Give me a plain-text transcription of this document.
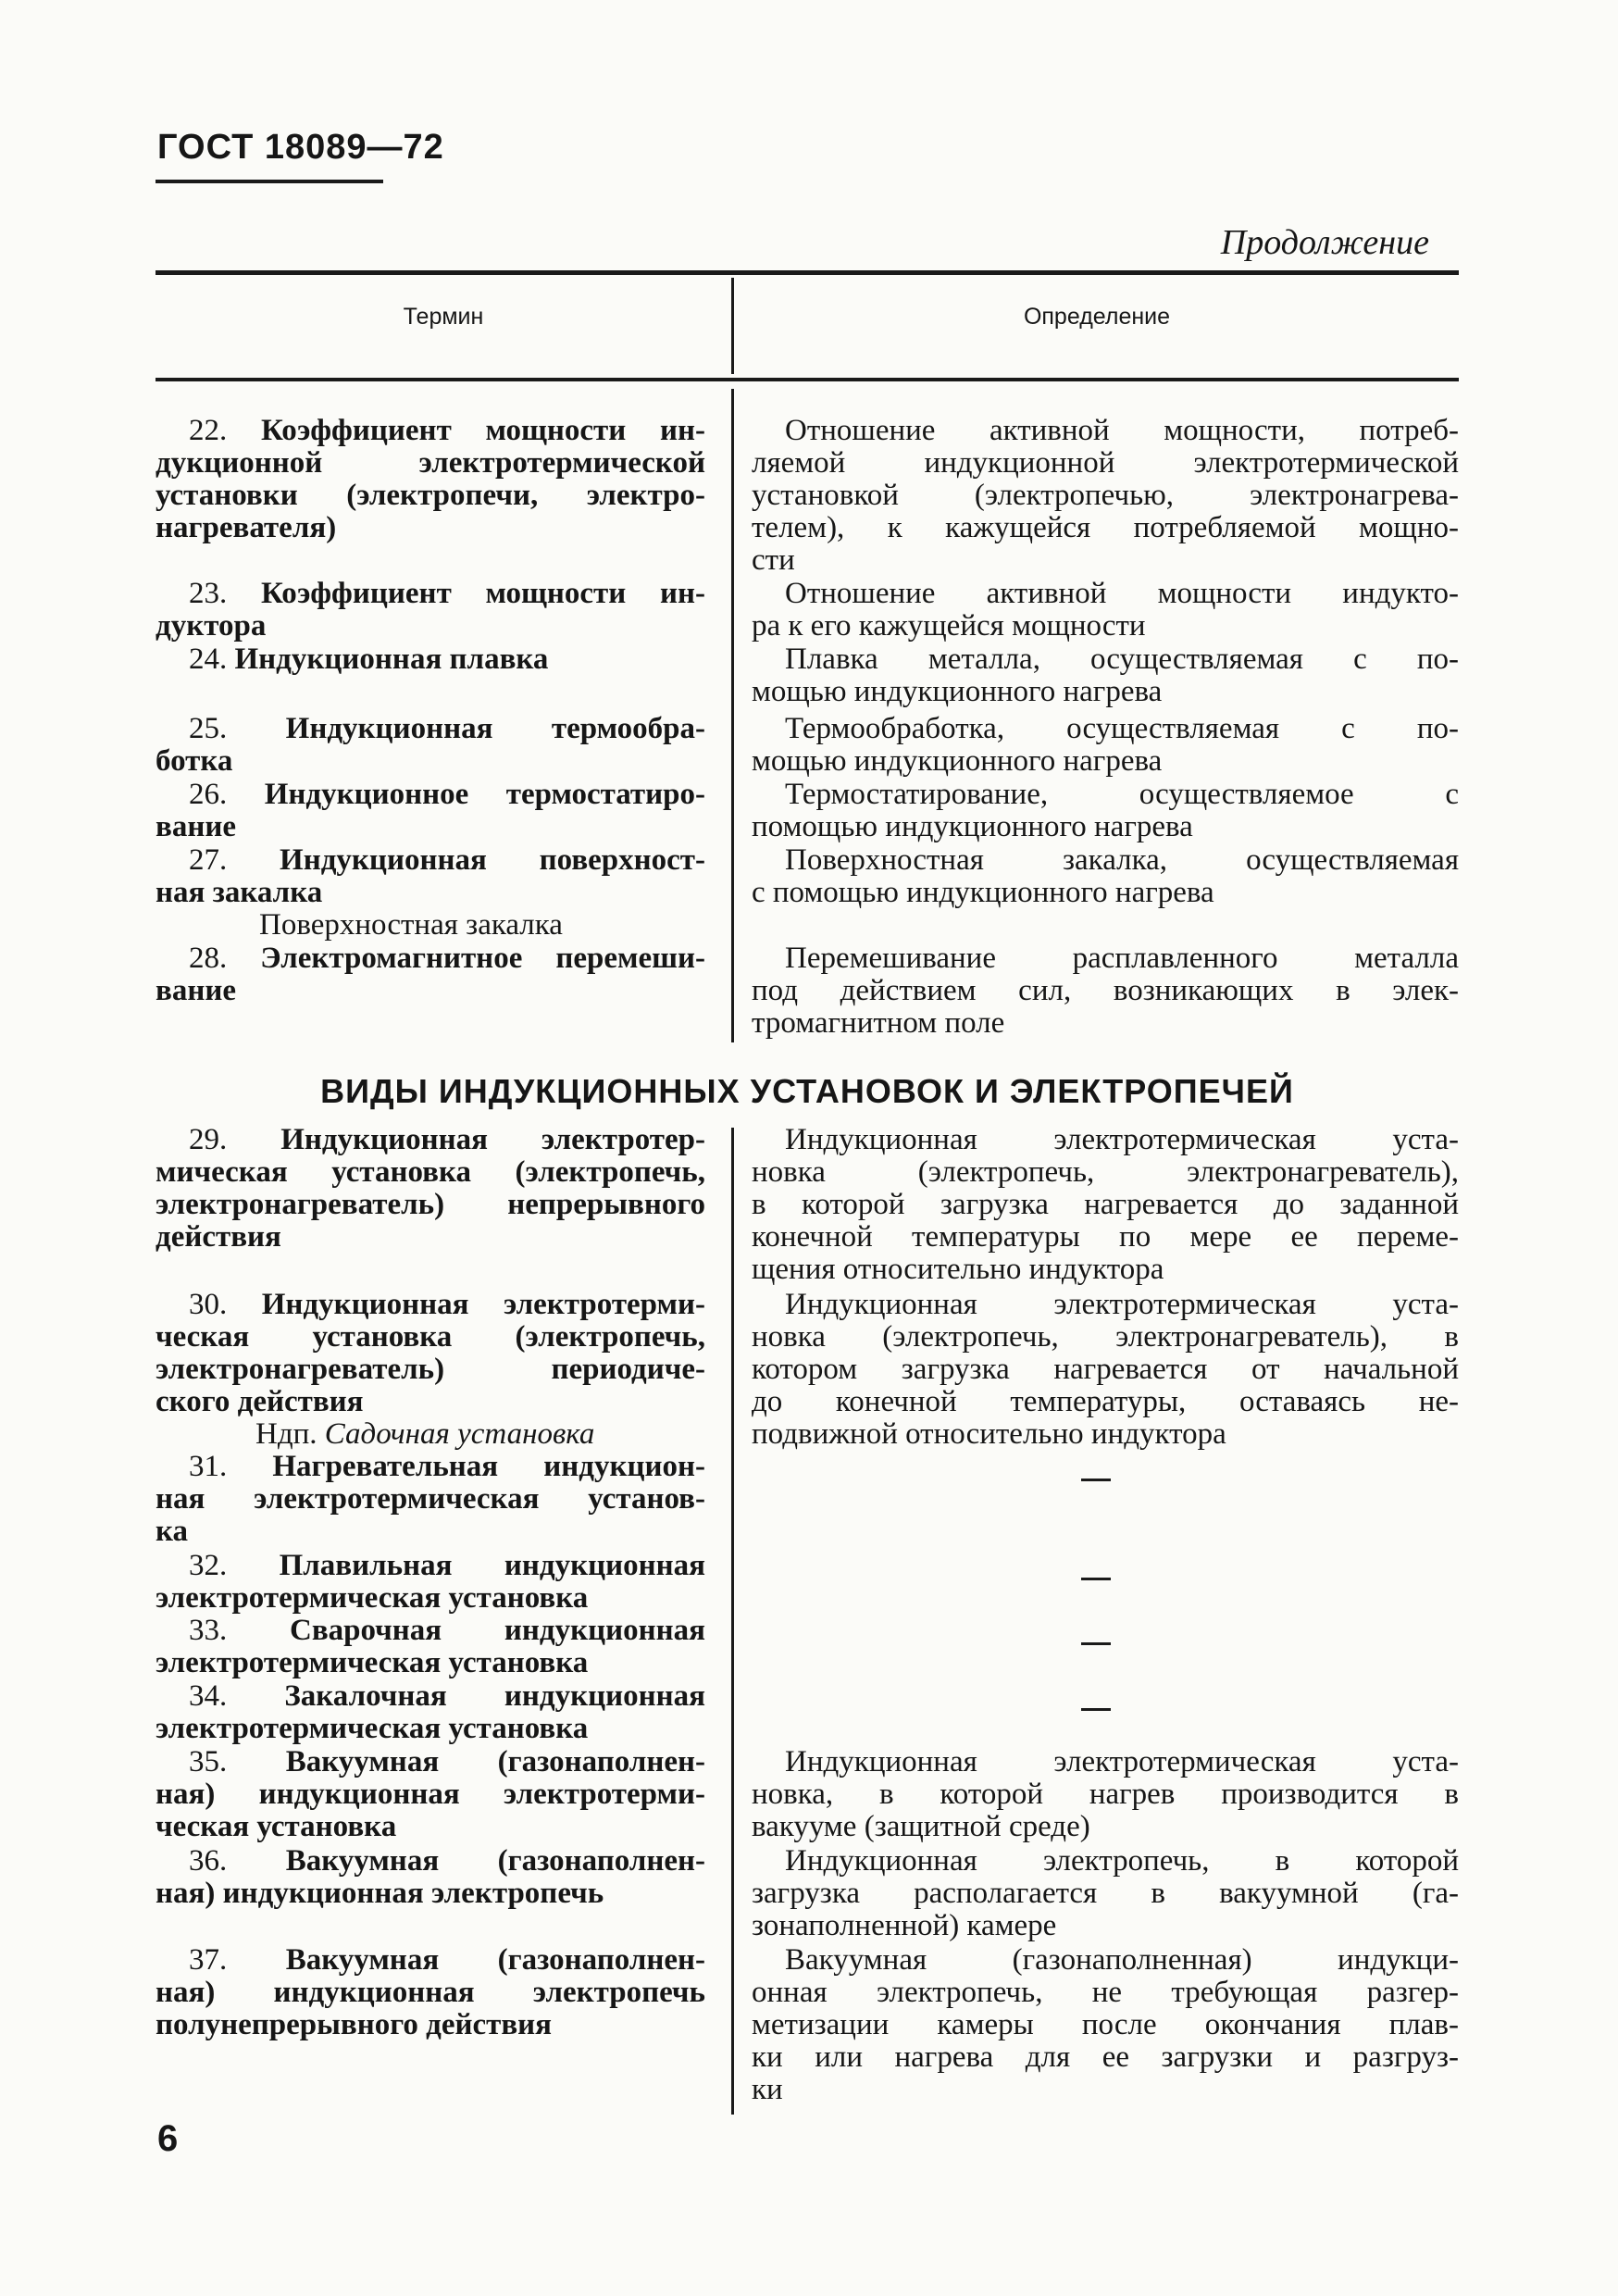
ГОСТ 18089—72
Продолжение
Термин	Определение
22. Коэффициент мощности ин-
дукционной электротермической
установки (электропечи, электро-
нагревателя)
23. Коэффициент мощности ин-
дуктора
24. Индукционная плавка
25. Индукционная термообра-
ботка
26. Индукционное термостатиро-
вание
27. Индукционная поверхност-
ная закалка
Поверхностная закалка
28. Электромагнитное перемеши-
вание
Отношение активной мощности, потреб-
ляемой индукционной электротермической
установкой (электропечью, электронагрева-
телем), к кажущейся потребляемой мощно-
сти
Отношение активной мощности индукто-
ра к его кажущейся мощности
Плавка металла, осуществляемая с по-
мощью индукционного нагрева
Термообработка, осуществляемая с по-
мощью индукционного нагрева
Термостатирование, осуществляемое с
помощью индукционного нагрева
Поверхностная закалка, осуществляемая
с помощью индукционного нагрева
Перемешивание расплавленного металла
под действием сил, возникающих в элек-
тромагнитном поле
ВИДЫ ИНДУКЦИОННЫХ УСТАНОВОК И ЭЛЕКТРОПЕЧЕЙ
29. Индукционная электротер-
мическая установка (электропечь,
электронагреватель) непрерывного
действия
30. Индукционная электротерми-
ческая установка (электропечь,
электронагреватель) периодиче-
ского действия
Ндп. Садочная установка
31. Нагревательная индукцион-
ная электротермическая установ-
ка
32. Плавильная индукционная
электротермическая установка
33. Сварочная индукционная
электротермическая установка
34. Закалочная индукционная
электротермическая установка
35. Вакуумная (газонаполнен-
ная) индукционная электротерми-
ческая установка
36. Вакуумная (газонаполнен-
ная) индукционная электропечь
37. Вакуумная (газонаполнен-
ная) индукционная электропечь
полунепрерывного действия
Индукционная электротермическая уста-
новка (электропечь, электронагреватель),
в которой загрузка нагревается до заданной
конечной температуры по мере ее переме-
щения относительно индуктора
Индукционная электротермическая уста-
новка (электропечь, электронагреватель), в
котором загрузка нагревается от начальной
до конечной температуры, оставаясь не-
подвижной относительно индуктора
Индукционная электротермическая уста-
новка, в которой нагрев производится в
вакууме (защитной среде)
Индукционная электропечь, в которой
загрузка располагается в вакуумной (га-
зонаполненной) камере
Вакуумная (газонаполненная) индукци-
онная электропечь, не требующая разгер-
метизации камеры после окончания плав-
ки или нагрева для ее загрузки и разгруз-
ки
6
